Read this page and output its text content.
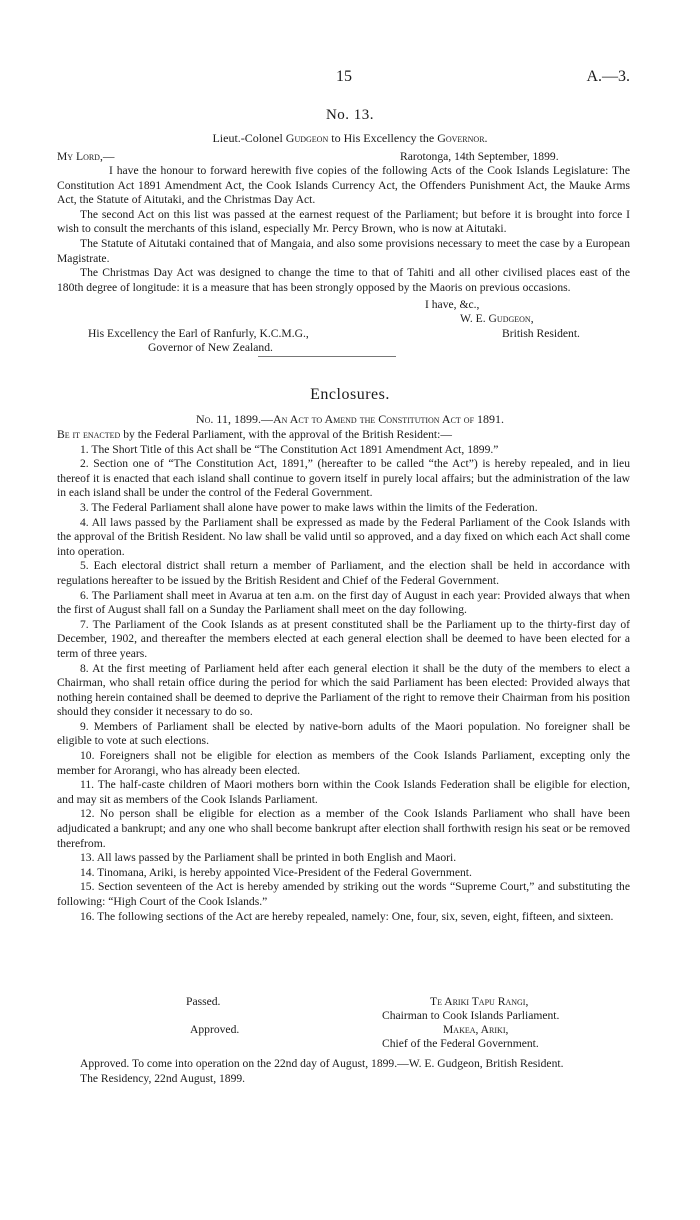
15	A.—3.
No. 13.
Lieut.-Colonel Gudgeon to His Excellency the Governor.
My Lord,—	Rarotonga, 14th September, 1899.

I have the honour to forward herewith five copies of the following Acts of the Cook Islands Legislature: The Constitution Act 1891 Amendment Act, the Cook Islands Currency Act, the Offenders Punishment Act, the Mauke Arms Act, the Statute of Aitutaki, and the Christmas Day Act.

The second Act on this list was passed at the earnest request of the Parliament; but before it is brought into force I wish to consult the merchants of this island, especially Mr. Percy Brown, who is now at Aitutaki.

The Statute of Aitutaki contained that of Mangaia, and also some provisions necessary to meet the case by a European Magistrate.

The Christmas Day Act was designed to change the time to that of Tahiti and all other civilised places east of the 180th degree of longitude: it is a measure that has been strongly opposed by the Maoris on previous occasions.

I have, &c.,
W. E. Gudgeon,
His Excellency the Earl of Ranfurly, K.C.M.G.,	British Resident.
Governor of New Zealand.
Enclosures.
No. 11, 1899.—An Act to Amend the Constitution Act of 1891.

Be it enacted by the Federal Parliament, with the approval of the British Resident:—

1. The Short Title of this Act shall be “The Constitution Act 1891 Amendment Act, 1899.”

2. Section one of “The Constitution Act, 1891,” (hereafter to be called “the Act”) is hereby repealed, and in lieu thereof it is enacted that each island shall continue to govern itself in purely local affairs; but the administration of the law in each island shall be under the control of the Federal Government.

3. The Federal Parliament shall alone have power to make laws within the limits of the Federation.

4. All laws passed by the Parliament shall be expressed as made by the Federal Parliament of the Cook Islands with the approval of the British Resident. No law shall be valid until so approved, and a day fixed on which each Act shall come into operation.

5. Each electoral district shall return a member of Parliament, and the election shall be held in accordance with regulations hereafter to be issued by the British Resident and Chief of the Federal Government.

6. The Parliament shall meet in Avarua at ten a.m. on the first day of August in each year: Provided always that when the first of August shall fall on a Sunday the Parliament shall meet on the day following.

7. The Parliament of the Cook Islands as at present constituted shall be the Parliament up to the thirty-first day of December, 1902, and thereafter the members elected at each general election shall be deemed to have been elected for a term of three years.

8. At the first meeting of Parliament held after each general election it shall be the duty of the members to elect a Chairman, who shall retain office during the period for which the said Parliament has been elected: Provided always that nothing herein contained shall be deemed to deprive the Parliament of the right to remove their Chairman from his position should they consider it necessary to do so.

9. Members of Parliament shall be elected by native-born adults of the Maori population. No foreigner shall be eligible to vote at such elections.

10. Foreigners shall not be eligible for election as members of the Cook Islands Parliament, excepting only the member for Arorangi, who has already been elected.

11. The half-caste children of Maori mothers born within the Cook Islands Federation shall be eligible for election, and may sit as members of the Cook Islands Parliament.

12. No person shall be eligible for election as a member of the Cook Islands Parliament who shall have been adjudicated a bankrupt; and any one who shall become bankrupt after election shall forthwith resign his seat or be removed therefrom.

13. All laws passed by the Parliament shall be printed in both English and Maori.

14. Tinomana, Ariki, is hereby appointed Vice-President of the Federal Government.

15. Section seventeen of the Act is hereby amended by striking out the words “Supreme Court,” and substituting the following: “High Court of the Cook Islands.”

16. The following sections of the Act are hereby repealed, namely: One, four, six, seven, eight, fifteen, and sixteen.

Passed.	Te Ariki Tapu Rangi,
Chairman to Cook Islands Parliament.
Approved.	Makea, Ariki,
Chief of the Federal Government.

Approved. To come into operation on the 22nd day of August, 1899.—W. E. Gudgeon, British Resident.

The Residency, 22nd August, 1899.
